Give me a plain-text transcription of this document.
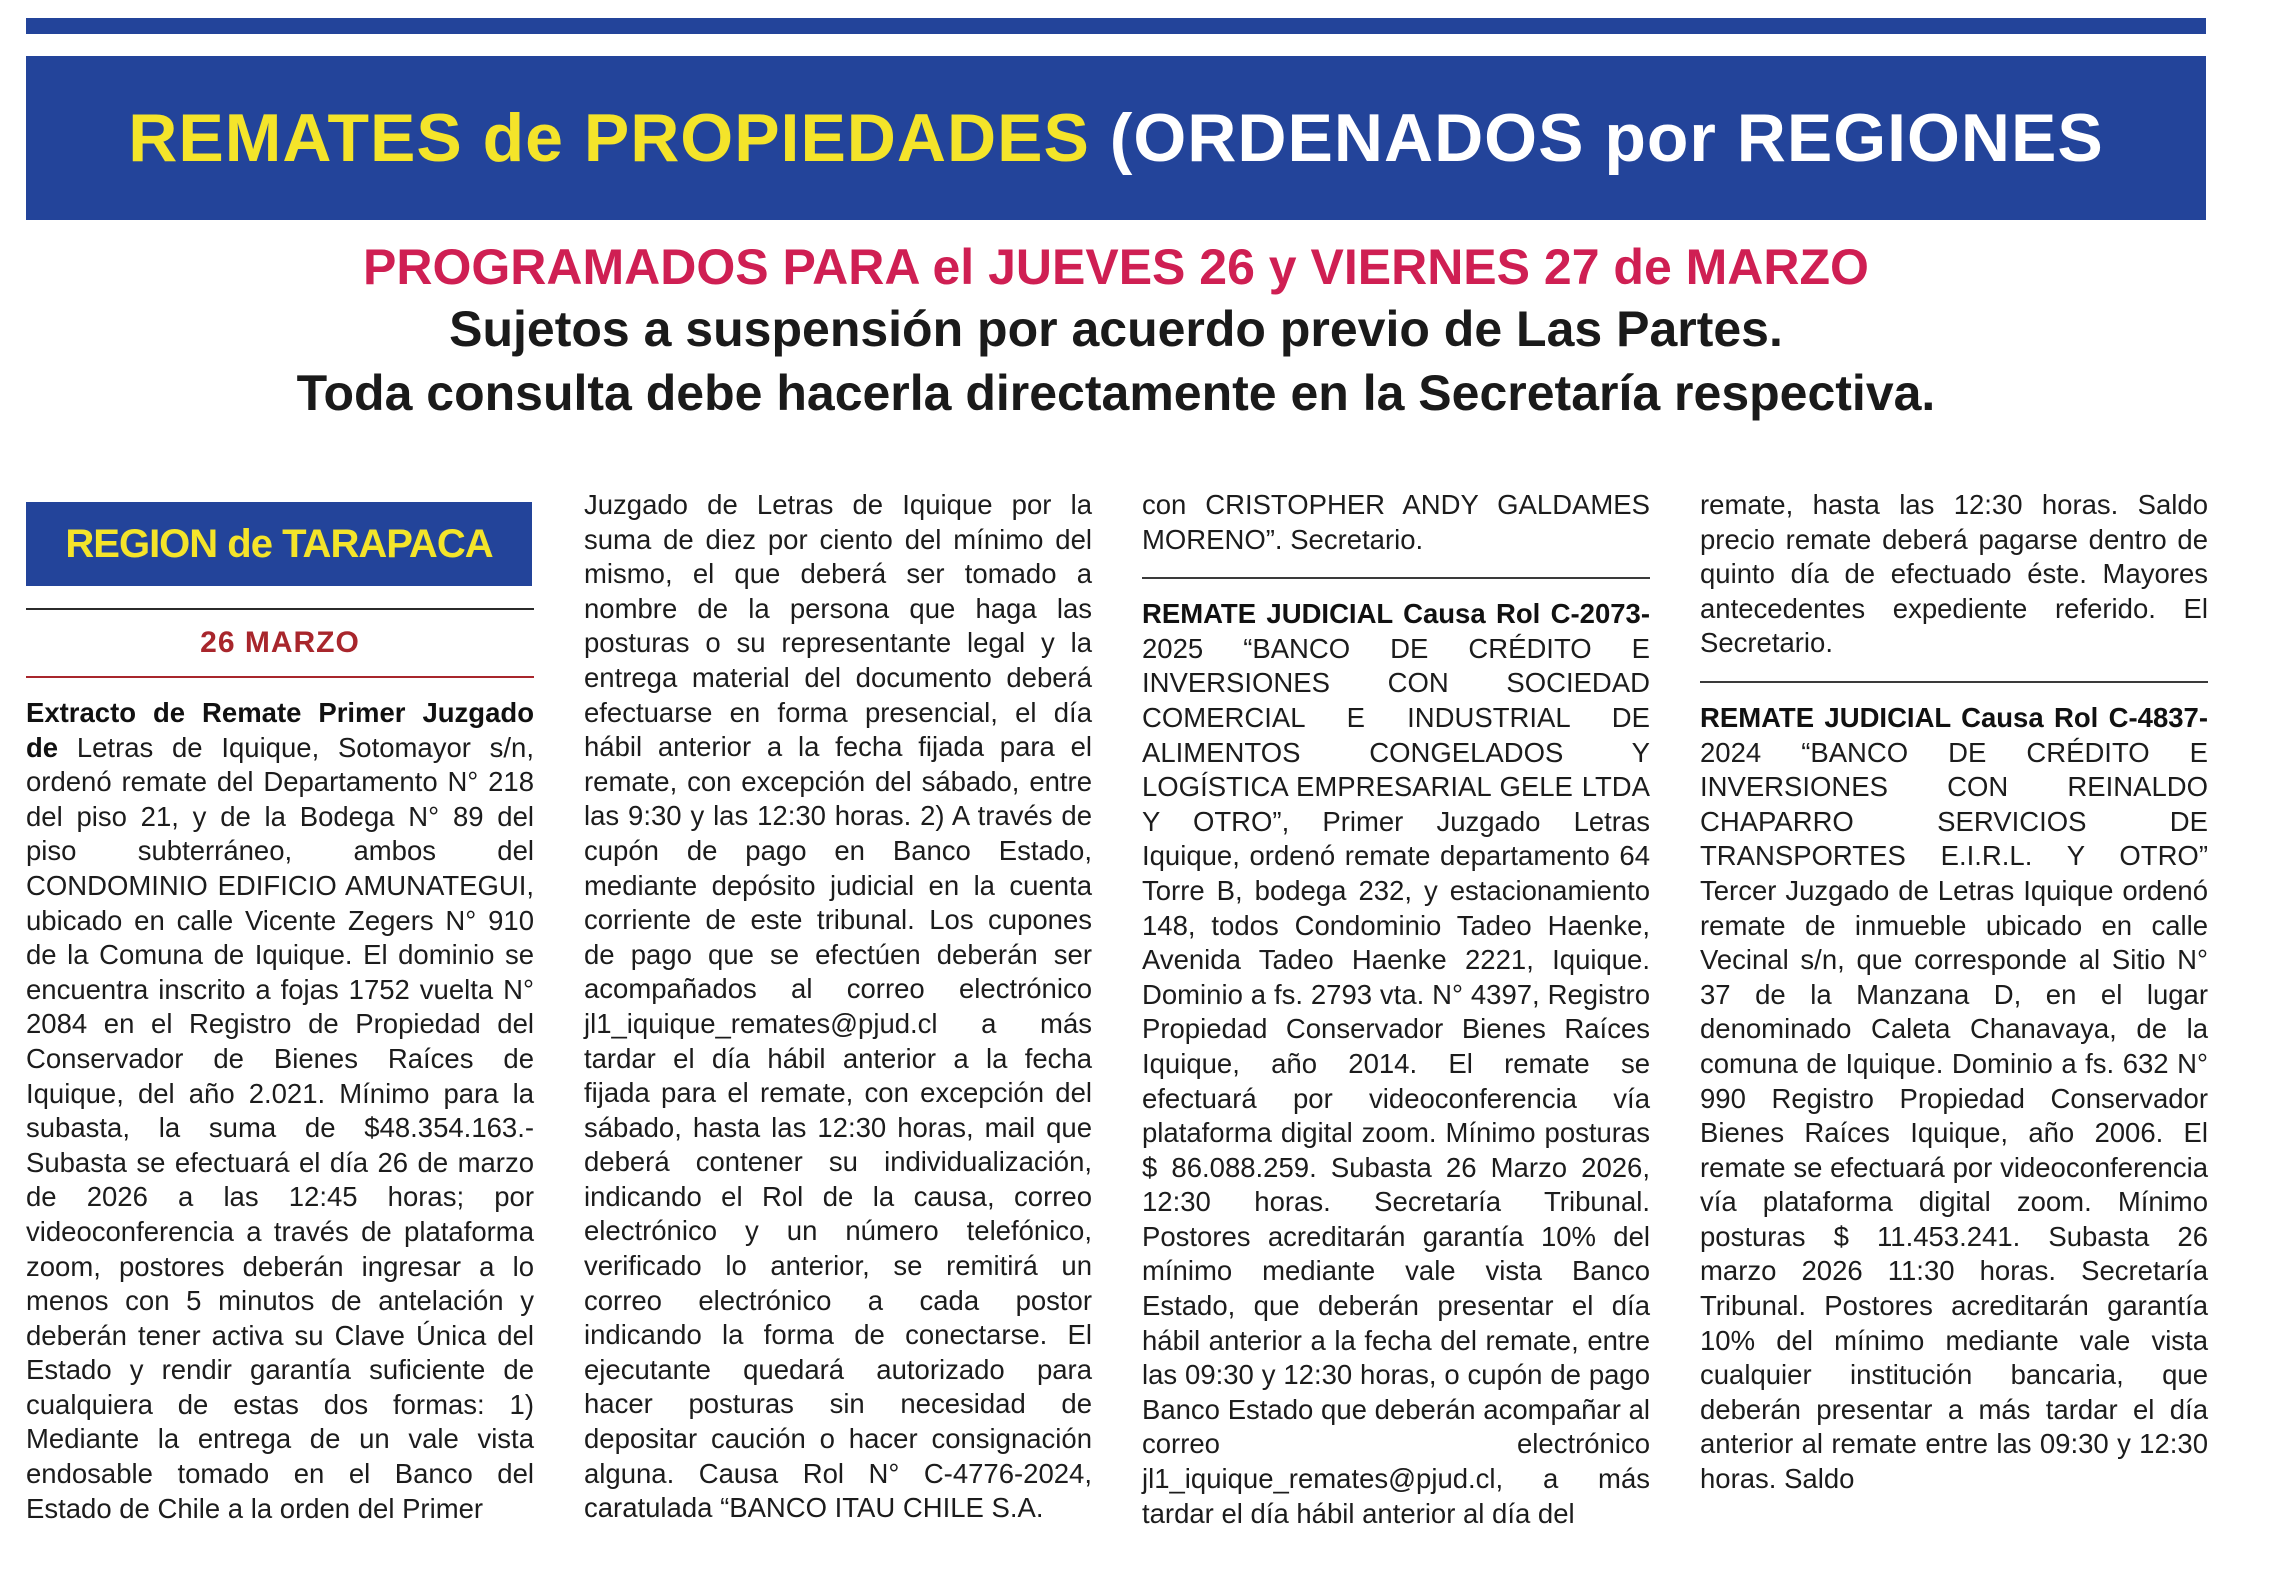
REMATES de PROPIEDADES (ORDENADOS por REGIONES
PROGRAMADOS PARA el JUEVES 26 y VIERNES 27 de MARZO
Sujetos a suspensión por acuerdo previo de Las Partes.
Toda consulta debe hacerla directamente en la Secretaría respectiva.
REGION de TARAPACA
26 MARZO

Extracto de Remate Primer Juzgado de Letras de Iquique, Sotomayor s/n, ordenó remate del Departamento N° 218 del piso 21, y de la Bodega N° 89 del piso subterráneo, ambos del CONDOMINIO EDIFICIO AMUNATEGUI, ubicado en calle Vicente Zegers N° 910 de la Comuna de Iquique. El dominio se encuentra inscrito a fojas 1752 vuelta N° 2084 en el Registro de Propiedad del Conservador de Bienes Raíces de Iquique, del año 2.021. Mínimo para la subasta, la suma de $48.354.163.- Subasta se efectuará el día 26 de marzo de 2026 a las 12:45 horas; por videoconferencia a través de plataforma zoom, postores deberán ingresar a lo menos con 5 minutos de antelación y deberán tener activa su Clave Única del Estado y rendir garantía suficiente de cualquiera de estas dos formas: 1) Mediante la entrega de un vale vista endosable tomado en el Banco del Estado de Chile a la orden del Primer

Juzgado de Letras de Iquique por la suma de diez por ciento del mínimo del mismo, el que deberá ser tomado a nombre de la persona que haga las posturas o su representante legal y la entrega material del documento deberá efectuarse en forma presencial, el día hábil anterior a la fecha fijada para el remate, con excepción del sábado, entre las 9:30 y las 12:30 horas. 2) A través de cupón de pago en Banco Estado, mediante depósito judicial en la cuenta corriente de este tribunal. Los cupones de pago que se efectúen deberán ser acompañados al correo electrónico jl1_iquique_remates@pjud.cl a más tardar el día hábil anterior a la fecha fijada para el remate, con excepción del sábado, hasta las 12:30 horas, mail que deberá contener su individualización, indicando el Rol de la causa, correo electrónico y un número telefónico, verificado lo anterior, se remitirá un correo electrónico a cada postor indicando la forma de conectarse. El ejecutante quedará autorizado para hacer posturas sin necesidad de depositar caución o hacer consignación alguna. Causa Rol N° C-4776-2024, caratulada “BANCO ITAU CHILE S.A.

con CRISTOPHER ANDY GALDAMES MORENO”. Secretario.

REMATE JUDICIAL Causa Rol C-2073- 2025 “BANCO DE CRÉDITO E INVERSIONES CON SOCIEDAD COMERCIAL E INDUSTRIAL DE ALIMENTOS CONGELADOS Y LOGÍSTICA EMPRESARIAL GELE LTDA Y OTRO”, Primer Juzgado Letras Iquique, ordenó remate departamento 64 Torre B, bodega 232, y estacionamiento 148, todos Condominio Tadeo Haenke, Avenida Tadeo Haenke 2221, Iquique. Dominio a fs. 2793 vta. N° 4397, Registro Propiedad Conservador Bienes Raíces Iquique, año 2014. El remate se efectuará por videoconferencia vía plataforma digital zoom. Mínimo posturas $ 86.088.259. Subasta 26 Marzo 2026, 12:30 horas. Secretaría Tribunal. Postores acreditarán garantía 10% del mínimo mediante vale vista Banco Estado, que deberán presentar el día hábil anterior a la fecha del remate, entre las 09:30 y 12:30 horas, o cupón de pago Banco Estado que deberán acompañar al correo electrónico jl1_iquique_remates@pjud.cl, a más tardar el día hábil anterior al día del

remate, hasta las 12:30 horas. Saldo precio remate deberá pagarse dentro de quinto día de efectuado éste. Mayores antecedentes expediente referido. El Secretario.

REMATE JUDICIAL Causa Rol C-4837- 2024 “BANCO DE CRÉDITO E INVERSIONES CON REINALDO CHAPARRO SERVICIOS DE TRANSPORTES E.I.R.L. Y OTRO” Tercer Juzgado de Letras Iquique ordenó remate de inmueble ubicado en calle Vecinal s/n, que corresponde al Sitio N° 37 de la Manzana D, en el lugar denominado Caleta Chanavaya, de la comuna de Iquique. Dominio a fs. 632 N° 990 Registro Propiedad Conservador Bienes Raíces Iquique, año 2006. El remate se efectuará por videoconferencia vía plataforma digital zoom. Mínimo posturas $ 11.453.241. Subasta 26 marzo 2026 11:30 horas. Secretaría Tribunal. Postores acreditarán garantía 10% del mínimo mediante vale vista cualquier institución bancaria, que deberán presentar a más tardar el día anterior al remate entre las 09:30 y 12:30 horas. Saldo
